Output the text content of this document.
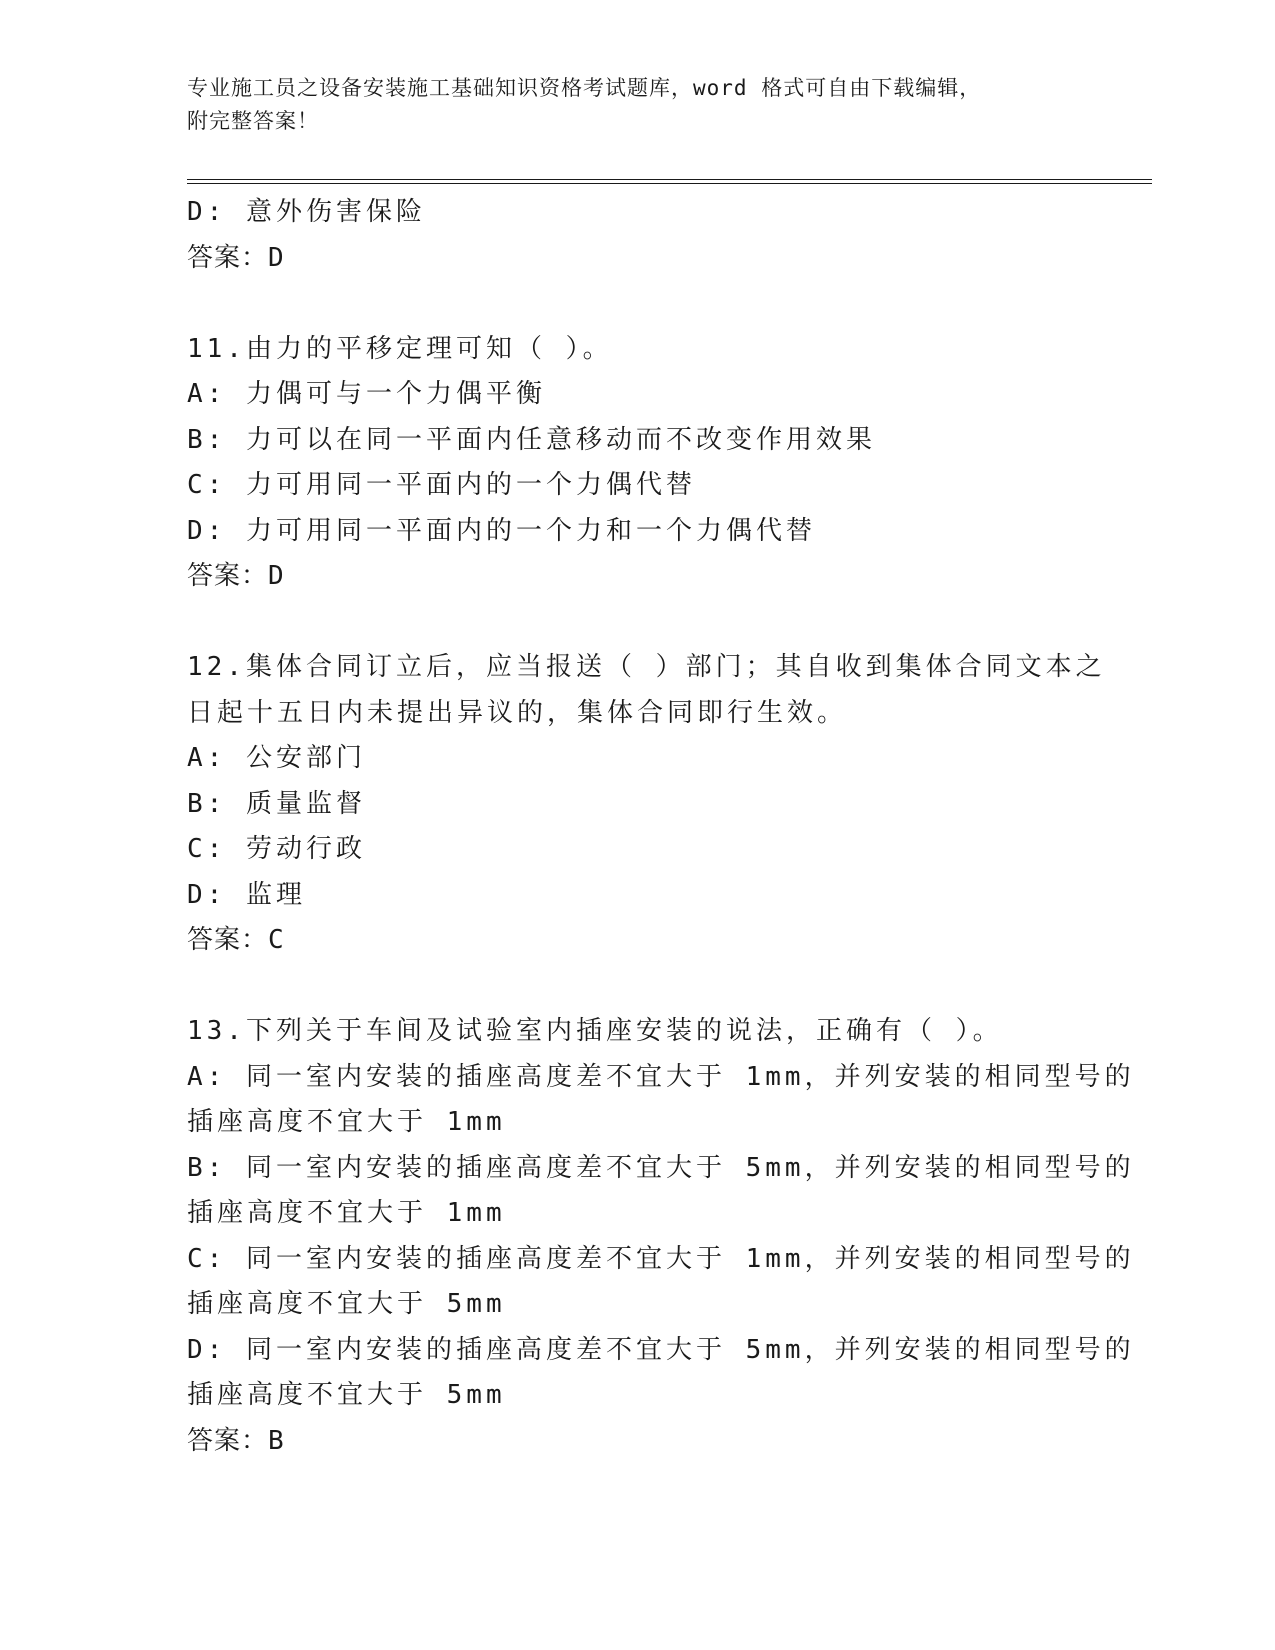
专业施工员之设备安装施工基础知识资格考试题库，word 格式可自由下载编辑，
附完整答案！
D: 意外伤害保险
答案：D
11.由力的平移定理可知（ ）。
A: 力偶可与一个力偶平衡
B: 力可以在同一平面内任意移动而不改变作用效果
C: 力可用同一平面内的一个力偶代替
D: 力可用同一平面内的一个力和一个力偶代替
答案：D
12.集体合同订立后，应当报送（ ）部门；其自收到集体合同文本之
日起十五日内未提出异议的，集体合同即行生效。
A: 公安部门
B: 质量监督
C: 劳动行政
D: 监理
答案：C
13.下列关于车间及试验室内插座安装的说法，正确有（ ）。
A: 同一室内安装的插座高度差不宜大于 1mm，并列安装的相同型号的
插座高度不宜大于 1mm
B: 同一室内安装的插座高度差不宜大于 5mm，并列安装的相同型号的
插座高度不宜大于 1mm
C: 同一室内安装的插座高度差不宜大于 1mm，并列安装的相同型号的
插座高度不宜大于 5mm
D: 同一室内安装的插座高度差不宜大于 5mm，并列安装的相同型号的
插座高度不宜大于 5mm
答案：B
